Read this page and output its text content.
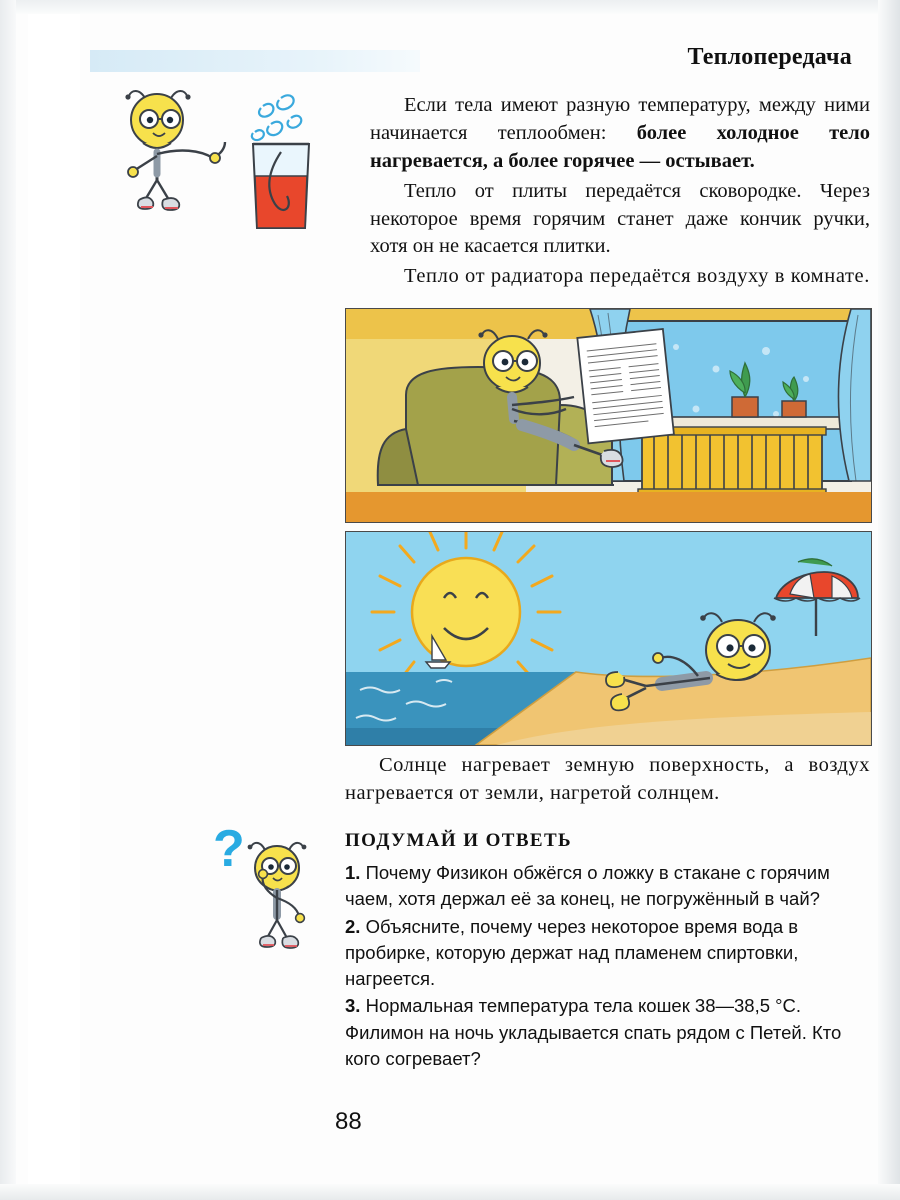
Теплопередача

Если тела имеют разную температуру, между ними начинается теплообмен: более холодное тело нагревается, а более горячее — остывает.

Тепло от плиты передаётся сковородке. Через некоторое время горячим станет даже кончик ручки, хотя он не касается плитки.

Тепло от радиатора передаётся воздуху в комнате.

Солнце нагревает земную поверхность, а воздух нагревается от земли, нагретой солнцем.

ПОДУМАЙ И ОТВЕТЬ
?	1. Почему Физикон обжёгся о ложку в стакане с горячим чаем, хотя держал её за конец, не погружённый в чай?

2. Объясните, почему через некоторое время вода в пробирке, которую держат над пламенем спиртовки, нагреется.

3. Нормальная температура тела кошек 38—38,5 °C. Филимон на ночь укладывается спать рядом с Петей. Кто кого согревает?

88
